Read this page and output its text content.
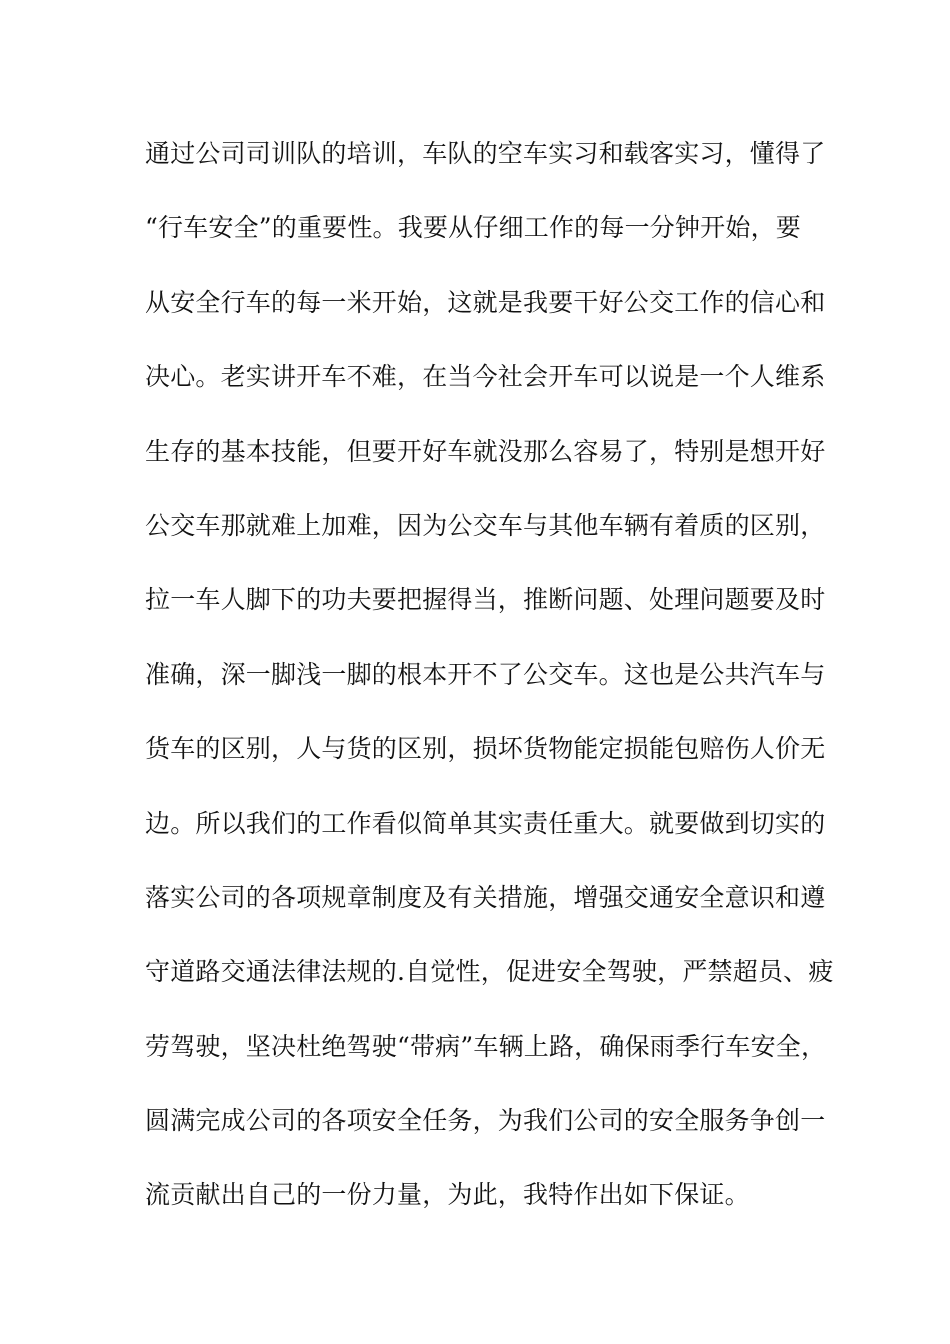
通过公司司训队的培训，车队的空车实习和载客实习，懂得了
“行车安全”的重要性。我要从仔细工作的每一分钟开始，要
从安全行车的每一米开始，这就是我要干好公交工作的信心和
决心。老实讲开车不难，在当今社会开车可以说是一个人维系
生存的基本技能，但要开好车就没那么容易了，特别是想开好
公交车那就难上加难，因为公交车与其他车辆有着质的区别，
拉一车人脚下的功夫要把握得当，推断问题、处理问题要及时
准确，深一脚浅一脚的根本开不了公交车。这也是公共汽车与
货车的区别，人与货的区别，损坏货物能定损能包赔伤人价无
边。所以我们的工作看似简单其实责任重大。就要做到切实的
落实公司的各项规章制度及有关措施，增强交通安全意识和遵
守道路交通法律法规的.自觉性，促进安全驾驶，严禁超员、疲
劳驾驶，坚决杜绝驾驶“带病”车辆上路，确保雨季行车安全，
圆满完成公司的各项安全任务，为我们公司的安全服务争创一
流贡献出自己的一份力量，为此，我特作出如下保证。
